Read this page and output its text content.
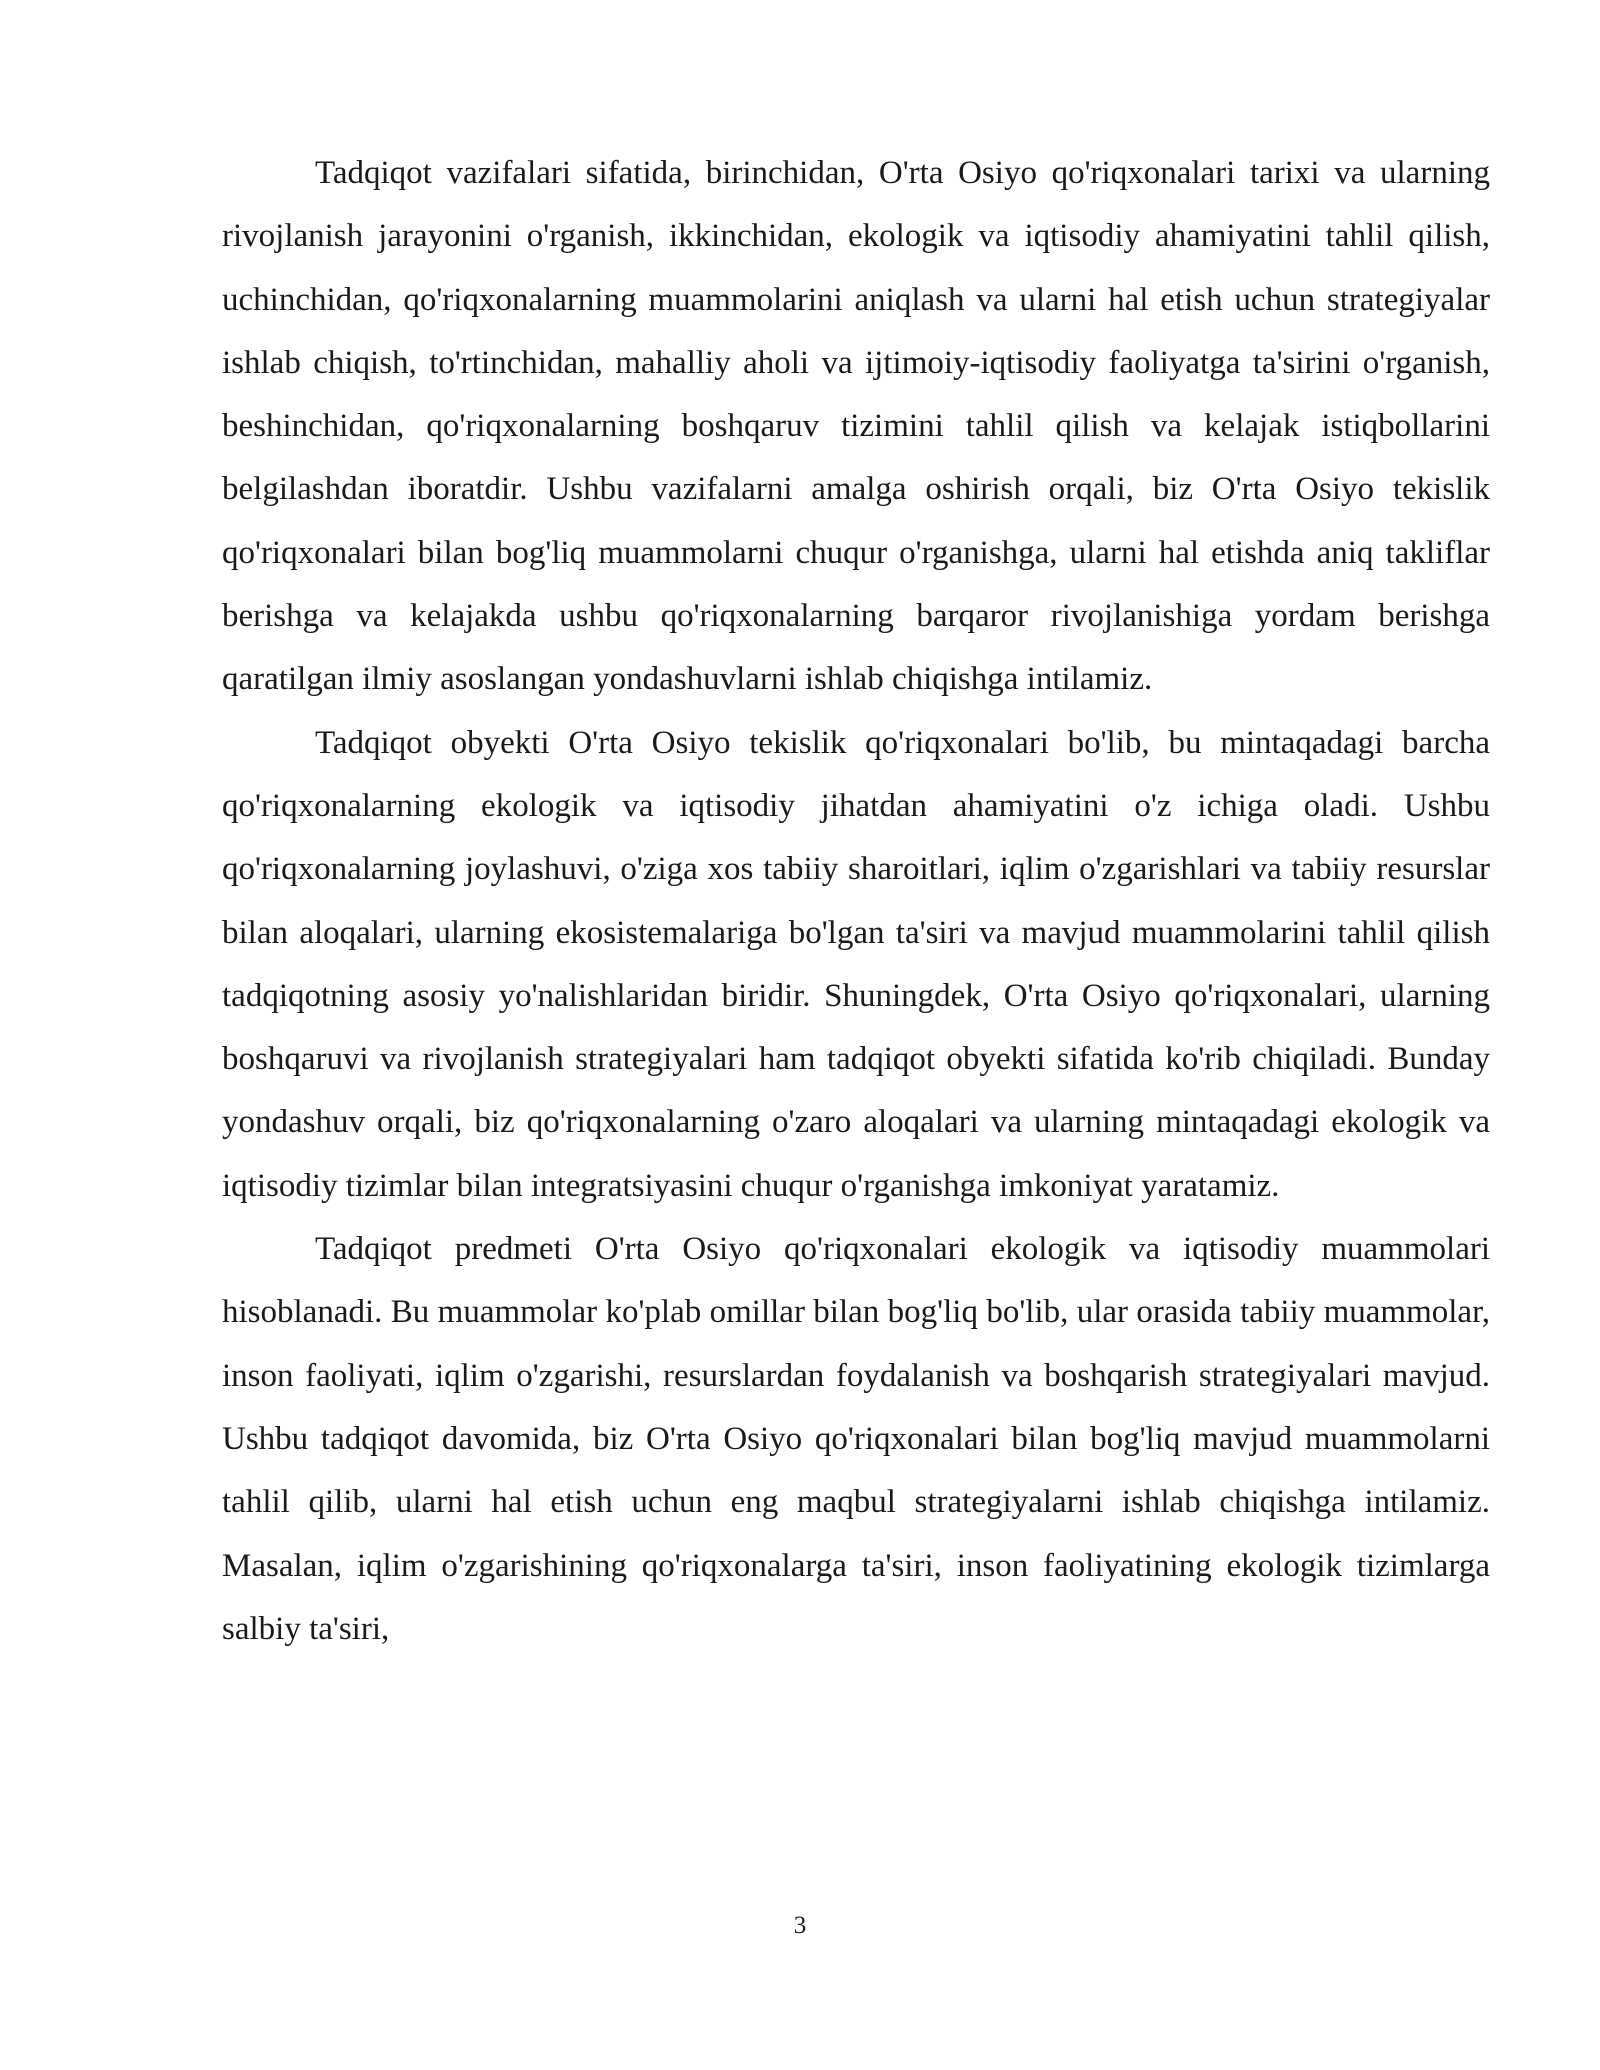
Tadqiqot vazifalari sifatida, birinchidan, O'rta Osiyo qo'riqxonalari tarixi va ularning rivojlanish jarayonini o'rganish, ikkinchidan, ekologik va iqtisodiy ahamiyatini tahlil qilish, uchinchidan, qo'riqxonalarning muammolarini aniqlash va ularni hal etish uchun strategiyalar ishlab chiqish, to'rtinchidan, mahalliy aholi va ijtimoiy-iqtisodiy faoliyatga ta'sirini o'rganish, beshinchidan, qo'riqxonalarning boshqaruv tizimini tahlil qilish va kelajak istiqbollarini belgilashdan iboratdir. Ushbu vazifalarni amalga oshirish orqali, biz O'rta Osiyo tekislik qo'riqxonalari bilan bog'liq muammolarni chuqur o'rganishga, ularni hal etishda aniq takliflar berishga va kelajakda ushbu qo'riqxonalarning barqaror rivojlanishiga yordam berishga qaratilgan ilmiy asoslangan yondashuvlarni ishlab chiqishga intilamiz.

Tadqiqot obyekti O'rta Osiyo tekislik qo'riqxonalari bo'lib, bu mintaqadagi barcha qo'riqxonalarning ekologik va iqtisodiy jihatdan ahamiyatini o'z ichiga oladi. Ushbu qo'riqxonalarning joylashuvi, o'ziga xos tabiiy sharoitlari, iqlim o'zgarishlari va tabiiy resurslar bilan aloqalari, ularning ekosistemalariga bo'lgan ta'siri va mavjud muammolarini tahlil qilish tadqiqotning asosiy yo'nalishlaridan biridir. Shuningdek, O'rta Osiyo qo'riqxonalari, ularning boshqaruvi va rivojlanish strategiyalari ham tadqiqot obyekti sifatida ko'rib chiqiladi. Bunday yondashuv orqali, biz qo'riqxonalarning o'zaro aloqalari va ularning mintaqadagi ekologik va iqtisodiy tizimlar bilan integratsiyasini chuqur o'rganishga imkoniyat yaratamiz.

Tadqiqot predmeti O'rta Osiyo qo'riqxonalari ekologik va iqtisodiy muammolari hisoblanadi. Bu muammolar ko'plab omillar bilan bog'liq bo'lib, ular orasida tabiiy muammolar, inson faoliyati, iqlim o'zgarishi, resurslardan foydalanish va boshqarish strategiyalari mavjud. Ushbu tadqiqot davomida, biz O'rta Osiyo qo'riqxonalari bilan bog'liq mavjud muammolarni tahlil qilib, ularni hal etish uchun eng maqbul strategiyalarni ishlab chiqishga intilamiz. Masalan, iqlim o'zgarishining qo'riqxonalarga ta'siri, inson faoliyatining ekologik tizimlarga salbiy ta'siri,

3
